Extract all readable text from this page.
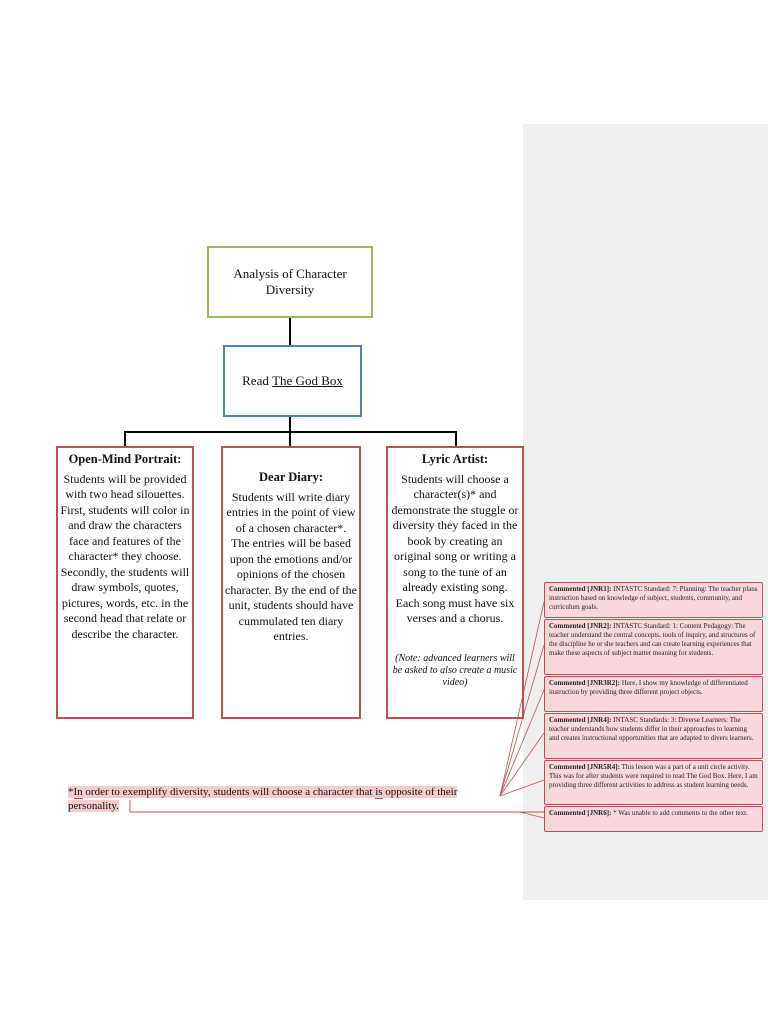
Analysis of Character Diversity
Read
The God Box
Open-Mind Portrait:
Students will be provided with two head silouettes. First, students will color in and draw the characters face and features of the character* they choose. Secondly, the students will draw symbols, quotes, pictures, words, etc. in the second head that relate or describe the character.
Dear Diary:
Students will write diary entries in the point of view of a chosen character*. The entries will be based upon the emotions and/or opinions of the chosen character. By the end of the unit, students should have cummulated ten diary entries.
Lyric Artist:
Students will choose a character(s)* and demonstrate the stuggle or diversity they faced in the book by creating an original song or writing a song to the tune of an already existing song. Each song must have six verses and a chorus.
(Note: advanced learners will be asked to also create a music video)
*In order to exemplify diversity, students will choose a character that is opposite of their personality.
Commented [JNR1]: INTASTC Standard: 7: Planning: The teacher plans instruction based on knowledge of subject, students, community, and curriculum goals.
Commented [JNR2]: INTASTC Standard: 1: Content Pedagogy: The teacher understand the central concepts, tools of inquiry, and structures of the discipline he or she teachers and can create learning experiences that make these aspects of subject matter meaning for students.
Commented [JNR3R2]: Here, I show my knowledge of differentiated instruction by providing three different project objects.
Commented [JNR4]: INTASC Standards: 3: Diverse Learners: The teacher understands how students differ in their approaches to learning and creates instructional opportunities that are adapted to divers learners.
Commented [JNR5R4]: This lesson was a part of a unit circle activity. This was for after students were required to read The God Box. Here, I am providing three different activities to address as student learning needs.
Commented [JNR6]: * Was unable to add comments to the other text.
